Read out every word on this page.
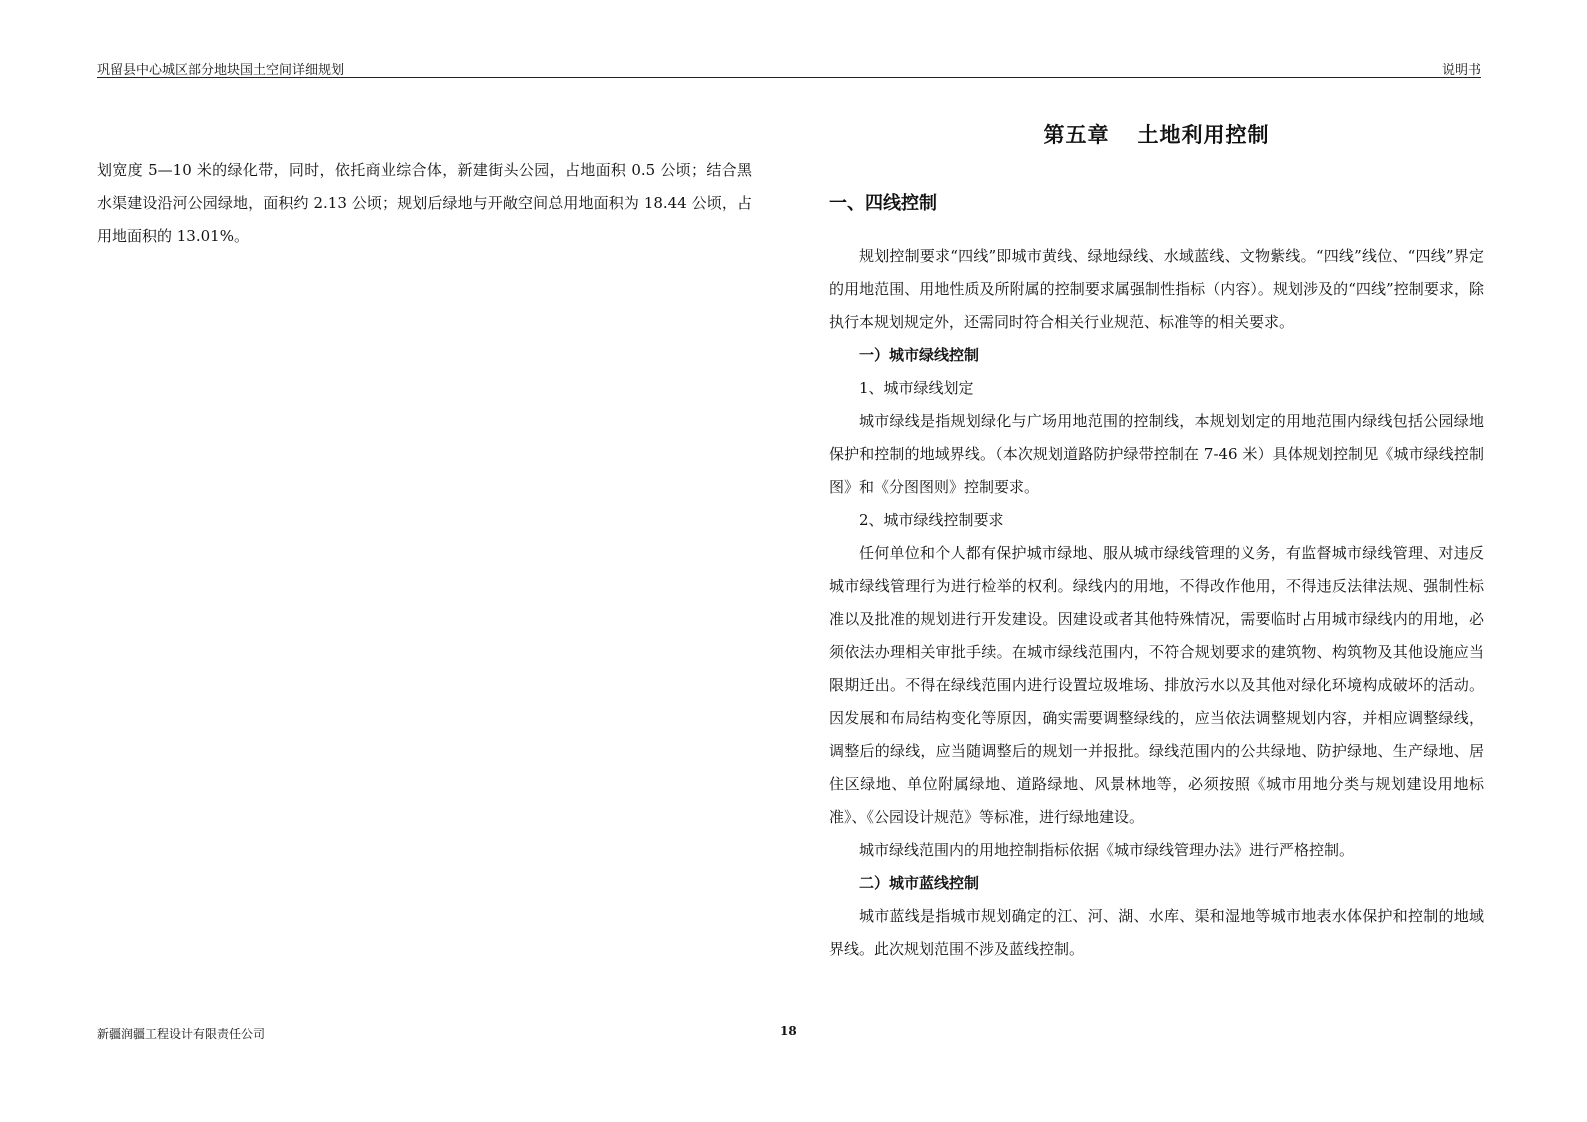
巩留县中心城区部分地块国土空间详细规划	说明书

划宽度 5—10 米的绿化带，同时，依托商业综合体，新建街头公园，占地面积 0.5 公顷；结合黑水渠建设沿河公园绿地，面积约 2.13 公顷；规划后绿地与开敞空间总用地面积为 18.44 公顷，占用地面积的 13.01%。

第五章 土地利用控制
一、四线控制

规划控制要求“四线”即城市黄线、绿地绿线、水域蓝线、文物紫线。“四线”线位、“四线”界定的用地范围、用地性质及所附属的控制要求属强制性指标（内容）。规划涉及的“四线”控制要求，除执行本规划规定外，还需同时符合相关行业规范、标准等的相关要求。

一）城市绿线控制

1、城市绿线划定

城市绿线是指规划绿化与广场用地范围的控制线，本规划划定的用地范围内绿线包括公园绿地保护和控制的地域界线。（本次规划道路防护绿带控制在 7-46 米）具体规划控制见《城市绿线控制图》和《分图图则》控制要求。

2、城市绿线控制要求

任何单位和个人都有保护城市绿地、服从城市绿线管理的义务，有监督城市绿线管理、对违反城市绿线管理行为进行检举的权利。绿线内的用地，不得改作他用，不得违反法律法规、强制性标准以及批准的规划进行开发建设。因建设或者其他特殊情况，需要临时占用城市绿线内的用地，必须依法办理相关审批手续。在城市绿线范围内，不符合规划要求的建筑物、构筑物及其他设施应当限期迁出。不得在绿线范围内进行设置垃圾堆场、排放污水以及其他对绿化环境构成破坏的活动。因发展和布局结构变化等原因，确实需要调整绿线的，应当依法调整规划内容，并相应调整绿线，调整后的绿线，应当随调整后的规划一并报批。绿线范围内的公共绿地、防护绿地、生产绿地、居住区绿地、单位附属绿地、道路绿地、风景林地等，必须按照《城市用地分类与规划建设用地标准》、《公园设计规范》等标准，进行绿地建设。

城市绿线范围内的用地控制指标依据《城市绿线管理办法》进行严格控制。

二）城市蓝线控制

城市蓝线是指城市规划确定的江、河、湖、水库、渠和湿地等城市地表水体保护和控制的地域界线。此次规划范围不涉及蓝线控制。

新疆润疆工程设计有限责任公司	18
